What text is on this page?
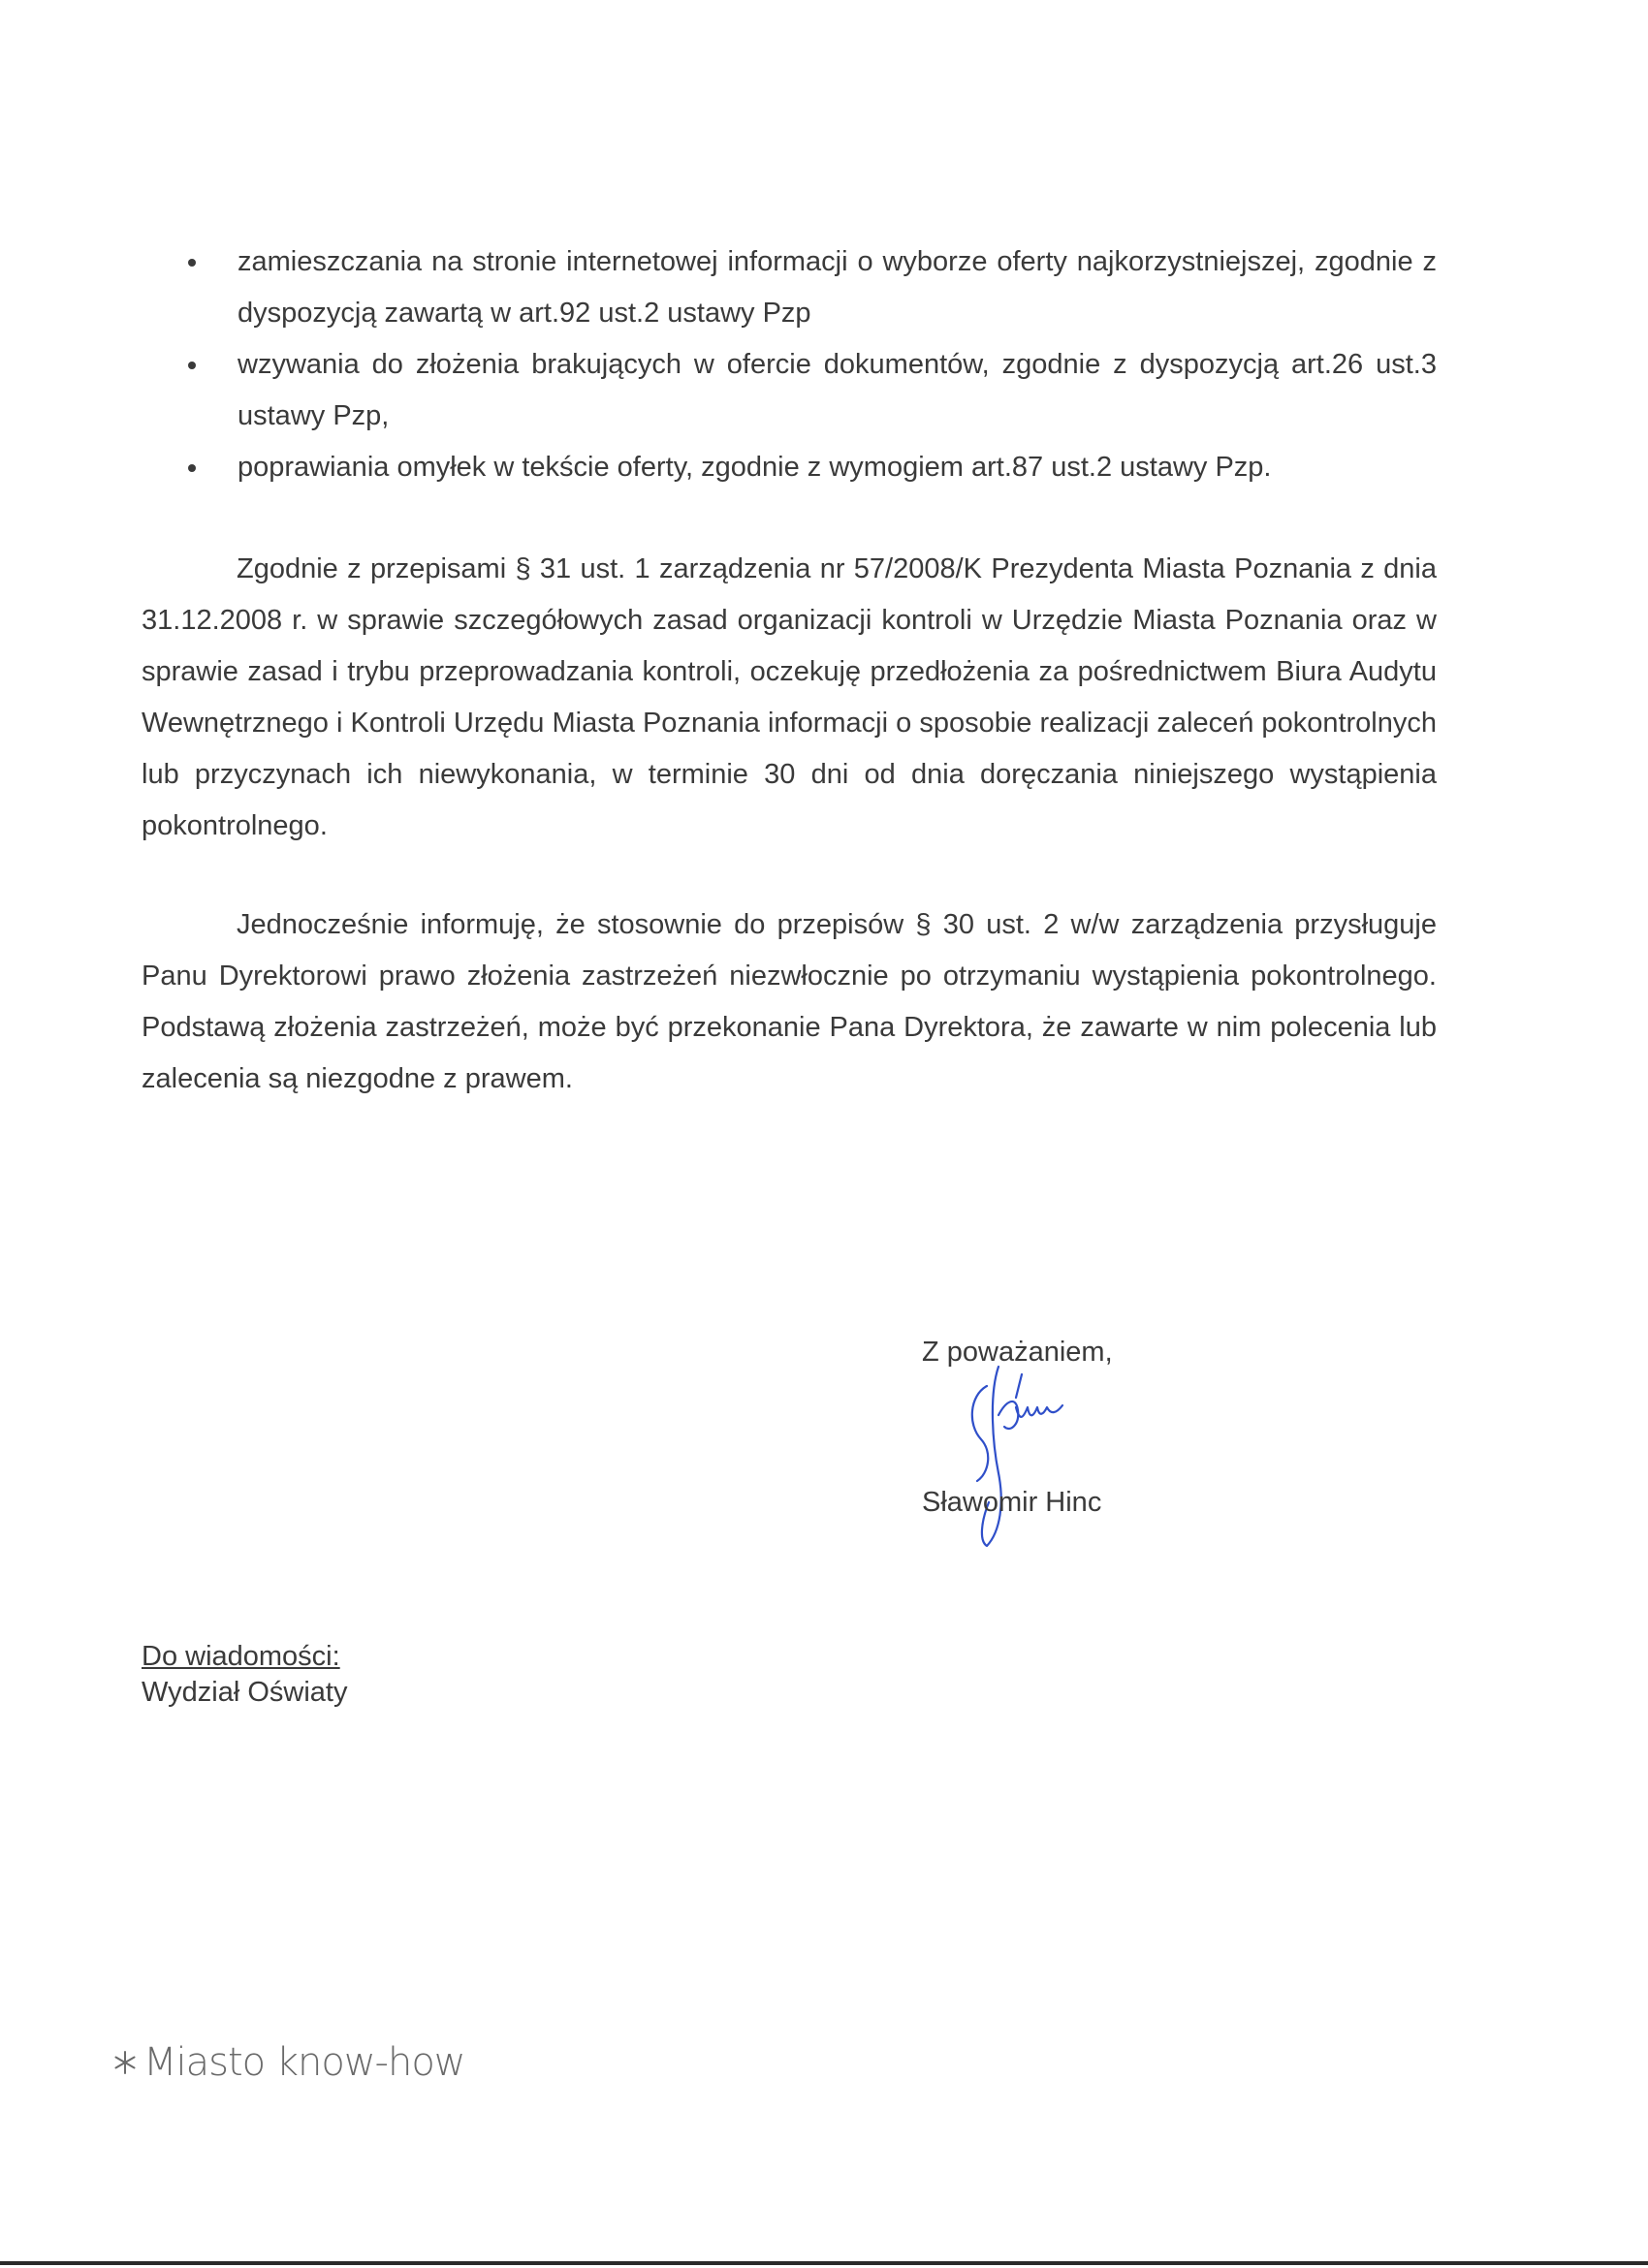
zamieszczania na stronie internetowej informacji o wyborze oferty najkorzystniejszej, zgodnie z dyspozycją zawartą w art.92 ust.2 ustawy Pzp
wzywania do złożenia brakujących w ofercie dokumentów, zgodnie z dyspozycją art.26 ust.3 ustawy Pzp,
poprawiania omyłek w tekście oferty, zgodnie z wymogiem art.87 ust.2 ustawy Pzp.

Zgodnie z przepisami § 31 ust. 1 zarządzenia nr 57/2008/K Prezydenta Miasta Poznania z dnia 31.12.2008 r. w sprawie szczegółowych zasad organizacji kontroli w Urzędzie Miasta Poznania oraz w sprawie zasad i trybu przeprowadzania kontroli, oczekuję przedłożenia za pośrednictwem Biura Audytu Wewnętrznego i Kontroli Urzędu Miasta Poznania informacji o sposobie realizacji zaleceń pokontrolnych lub przyczynach ich niewykonania, w terminie 30 dni od dnia doręczania niniejszego wystąpienia pokontrolnego.

Jednocześnie informuję, że stosownie do przepisów § 30 ust. 2 w/w zarządzenia przysługuje Panu Dyrektorowi prawo złożenia zastrzeżeń niezwłocznie po otrzymaniu wystąpienia pokontrolnego. Podstawą złożenia zastrzeżeń, może być przekonanie Pana Dyrektora, że zawarte w nim polecenia lub zalecenia są niezgodne z prawem.

Z poważaniem,
Sławomir Hinc
Do wiadomości:
Wydział Oświaty
Miasto know-how
